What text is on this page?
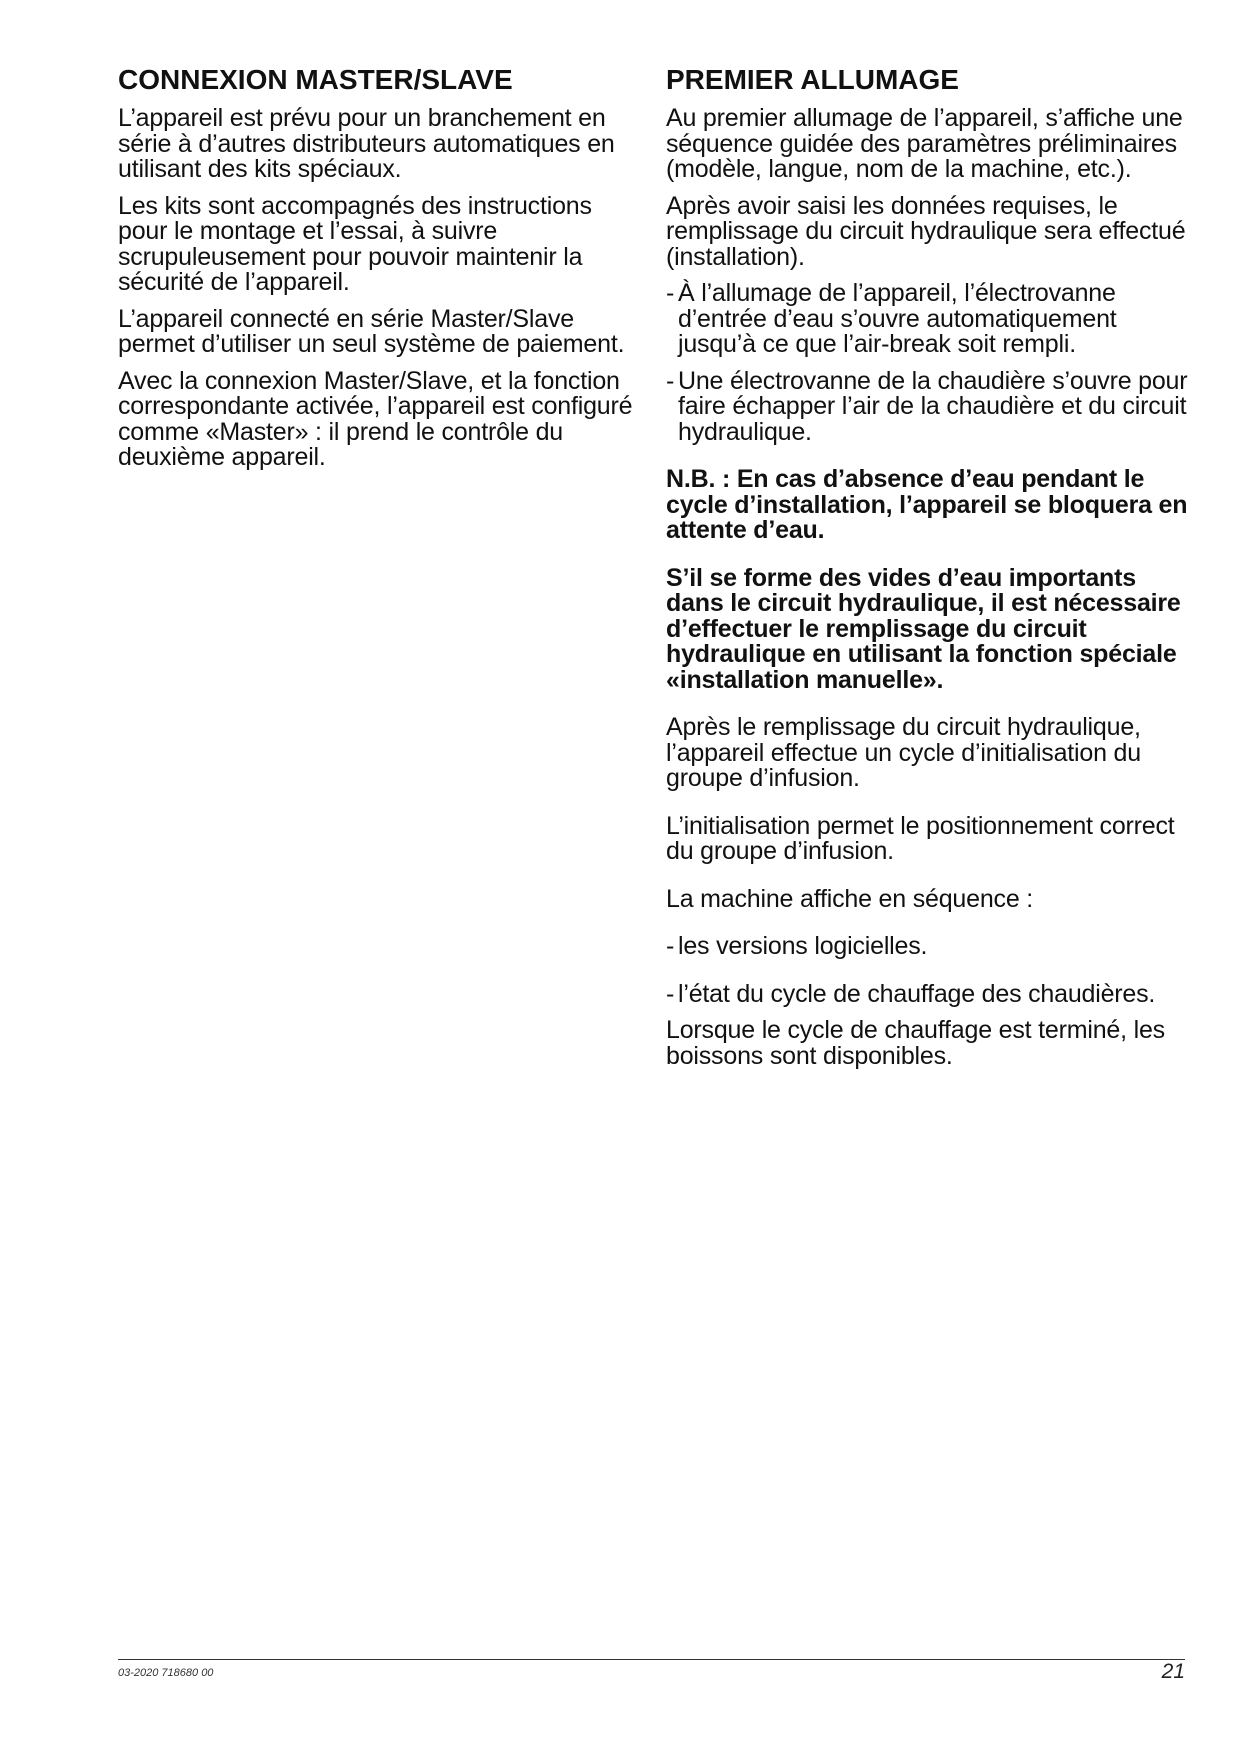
CONNEXION MASTER/SLAVE

L’appareil est prévu pour un branchement en série à d’autres distributeurs automatiques en utilisant des kits spéciaux.

Les kits sont accompagnés des instructions pour le montage et l’essai, à suivre scrupuleusement pour pouvoir maintenir la sécurité de l’appareil.

L’appareil connecté en série Master/Slave permet d’utiliser un seul système de paiement.

Avec la connexion Master/Slave, et la fonction correspondante activée, l’appareil est configuré comme «Master» : il prend le contrôle du deuxième appareil.

PREMIER ALLUMAGE

Au premier allumage de l’appareil, s’affiche une séquence guidée des paramètres préliminaires (modèle, langue, nom de la machine, etc.).

Après avoir saisi les données requises, le remplissage du circuit hydraulique sera effectué (installation).

- À l’allumage de l’appareil, l’électrovanne d’entrée d’eau s’ouvre automatiquement jusqu’à ce que l’air-break soit rempli.
- Une électrovanne de la chaudière s’ouvre pour faire échapper l’air de la chaudière et du circuit hydraulique.

N.B. : En cas d’absence d’eau pendant le cycle d’installation, l’appareil se bloquera en attente d’eau.

S’il se forme des vides d’eau importants dans le circuit hydraulique, il est nécessaire d’effectuer le remplissage du circuit hydraulique en utilisant la fonction spéciale «installation manuelle».

Après le remplissage du circuit hydraulique, l’appareil effectue un cycle d’initialisation du groupe d’infusion.

L’initialisation permet le positionnement correct du groupe d’infusion.

La machine affiche en séquence :

- les versions logicielles.
- l’état du cycle de chauffage des chaudières.

Lorsque le cycle de chauffage est terminé, les boissons sont disponibles.

03-2020 718680 00	21
